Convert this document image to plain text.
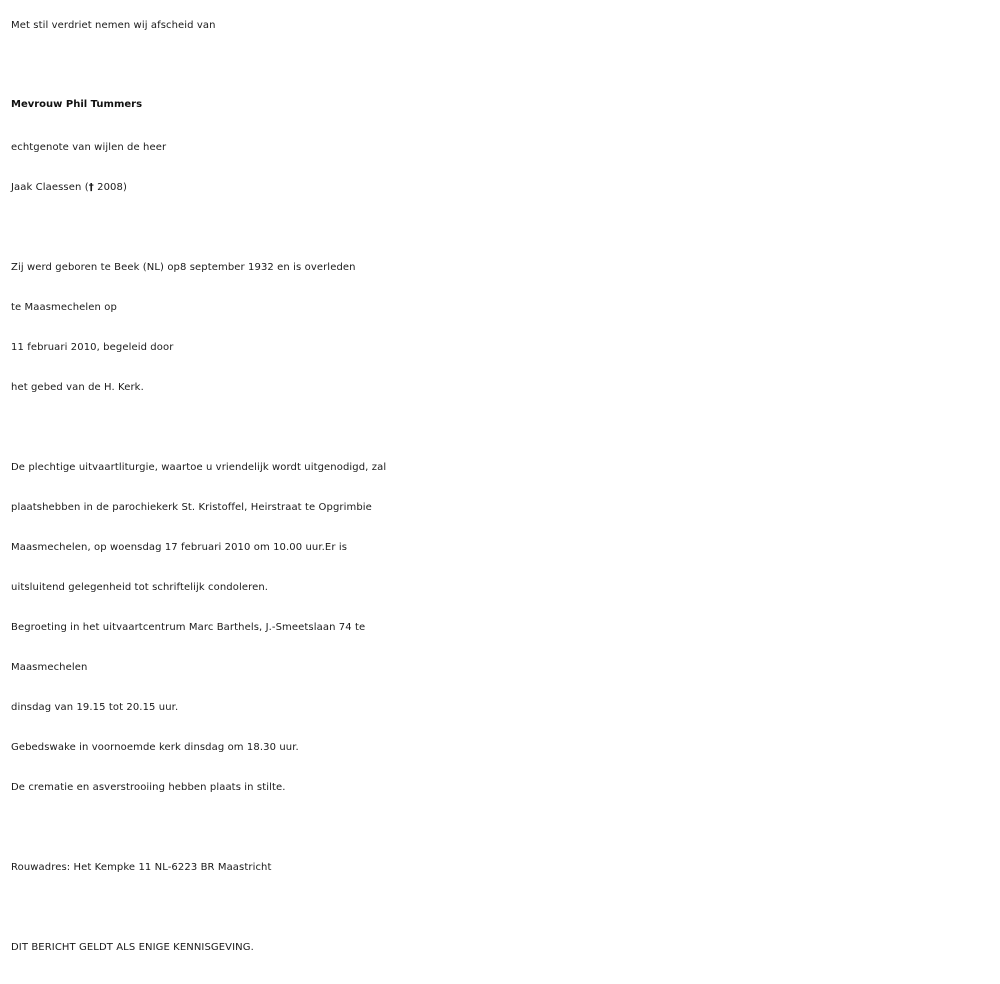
Met stil verdriet nemen wij afscheid van
Mevrouw Phil Tummers
echtgenote van wijlen de heer
Jaak Claessen († 2008)
Zij werd geboren te Beek (NL) op8 september 1932 en is overleden
te Maasmechelen op
11 februari 2010, begeleid door
het gebed van de H. Kerk.
De plechtige uitvaartliturgie, waartoe u vriendelijk wordt uitgenodigd, zal
plaatshebben in de parochiekerk St. Kristoffel, Heirstraat te Opgrimbie
Maasmechelen, op woensdag 17 februari 2010 om 10.00 uur.Er is
uitsluitend gelegenheid tot schriftelijk condoleren.
Begroeting in het uitvaartcentrum Marc Barthels, J.-Smeetslaan 74 te
Maasmechelen
dinsdag van 19.15 tot 20.15 uur.
Gebedswake in voornoemde kerk dinsdag om 18.30 uur.
De crematie en asverstrooiing hebben plaats in stilte.
Rouwadres: Het Kempke 11 NL-6223 BR Maastricht
DIT BERICHT GELDT ALS ENIGE KENNISGEVING.
